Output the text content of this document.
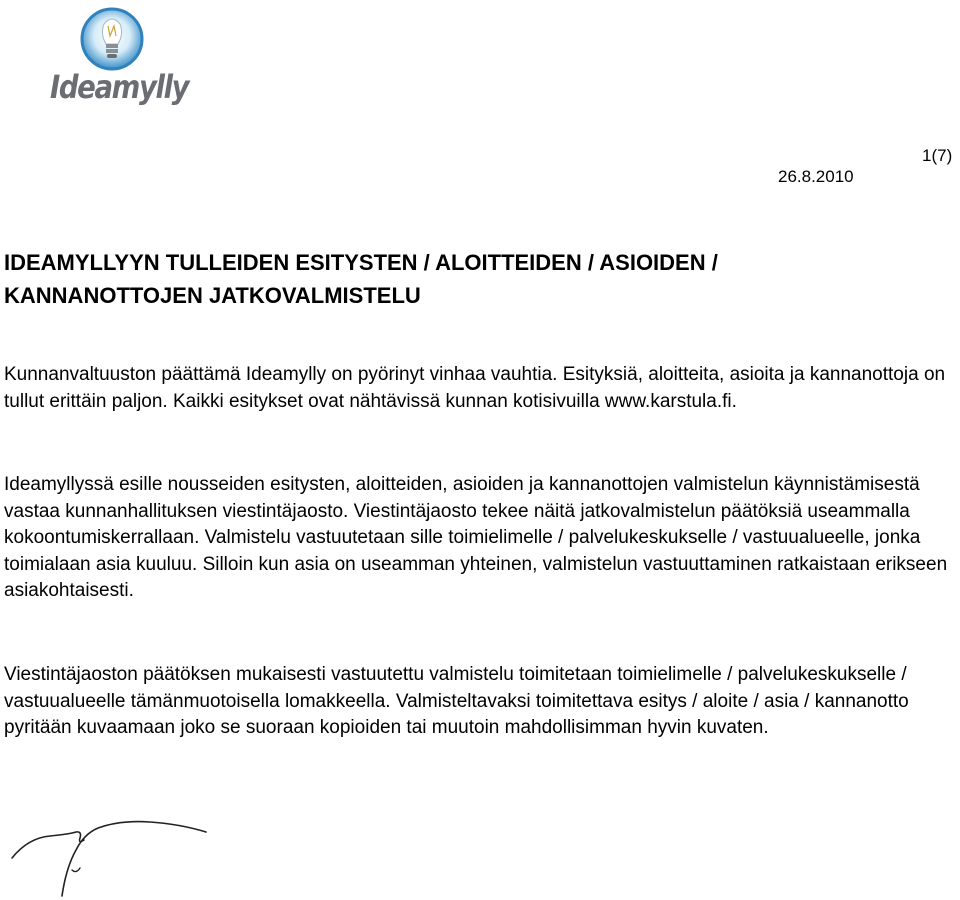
Ideamylly
26.8.2010
1(7)
IDEAMYLLYYN TULLEIDEN ESITYSTEN / ALOITTEIDEN / ASIOIDEN /
KANNANOTTOJEN JATKOVALMISTELU

Kunnanvaltuuston päättämä Ideamylly on pyörinyt vinhaa vauhtia. Esityksiä, aloitteita, asioita ja kannanottoja on tullut erittäin paljon. Kaikki esitykset ovat nähtävissä kunnan kotisivuilla www.karstula.fi.

Ideamyllyssä esille nousseiden esitysten, aloitteiden, asioiden ja kannanottojen valmistelun käynnistämisestä vastaa kunnanhallituksen viestintäjaosto. Viestintäjaosto tekee näitä jatkovalmistelun päätöksiä useammalla kokoontumiskerrallaan. Valmistelu vastuutetaan sille toimielimelle / palvelukeskukselle / vastuualueelle, jonka toimialaan asia kuuluu. Silloin kun asia on useamman yhteinen, valmistelun vastuuttaminen ratkaistaan erikseen asiakohtaisesti.

Viestintäjaoston päätöksen mukaisesti vastuutettu valmistelu toimitetaan toimielimelle / palvelukeskukselle / vastuualueelle tämänmuotoisella lomakkeella. Valmisteltavaksi toimitettava esitys / aloite / asia / kannanotto pyritään kuvaamaan joko se suoraan kopioiden tai muutoin mahdollisimman hyvin kuvaten.
